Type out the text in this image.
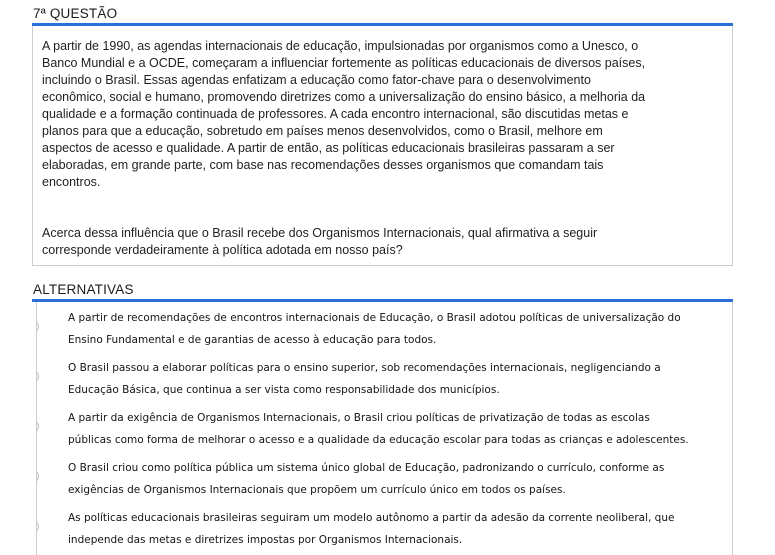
7ª QUESTÃO
A partir de 1990, as agendas internacionais de educação, impulsionadas por organismos como a Unesco, o
Banco Mundial e a OCDE, começaram a influenciar fortemente as políticas educacionais de diversos países,
incluindo o Brasil. Essas agendas enfatizam a educação como fator-chave para o desenvolvimento
econômico, social e humano, promovendo diretrizes como a universalização do ensino básico, a melhoria da
qualidade e a formação continuada de professores. A cada encontro internacional, são discutidas metas e
planos para que a educação, sobretudo em países menos desenvolvidos, como o Brasil, melhore em
aspectos de acesso e qualidade. A partir de então, as políticas educacionais brasileiras passaram a ser
elaboradas, em grande parte, com base nas recomendações desses organismos que comandam tais
encontros.
Acerca dessa influência que o Brasil recebe dos Organismos Internacionais, qual afirmativa a seguir
corresponde verdadeiramente à política adotada em nosso país?
ALTERNATIVAS
A partir de recomendações de encontros internacionais de Educação, o Brasil adotou políticas de universalização do
Ensino Fundamental e de garantias de acesso à educação para todos.
O Brasil passou a elaborar políticas para o ensino superior, sob recomendações internacionais, negligenciando a
Educação Básica, que continua a ser vista como responsabilidade dos municípios.
A partir da exigência de Organismos Internacionais, o Brasil criou políticas de privatização de todas as escolas
públicas como forma de melhorar o acesso e a qualidade da educação escolar para todas as crianças e adolescentes.
O Brasil criou como política pública um sistema único global de Educação, padronizando o currículo, conforme as
exigências de Organismos Internacionais que propõem um currículo único em todos os países.
As políticas educacionais brasileiras seguiram um modelo autônomo a partir da adesão da corrente neoliberal, que
independe das metas e diretrizes impostas por Organismos Internacionais.
